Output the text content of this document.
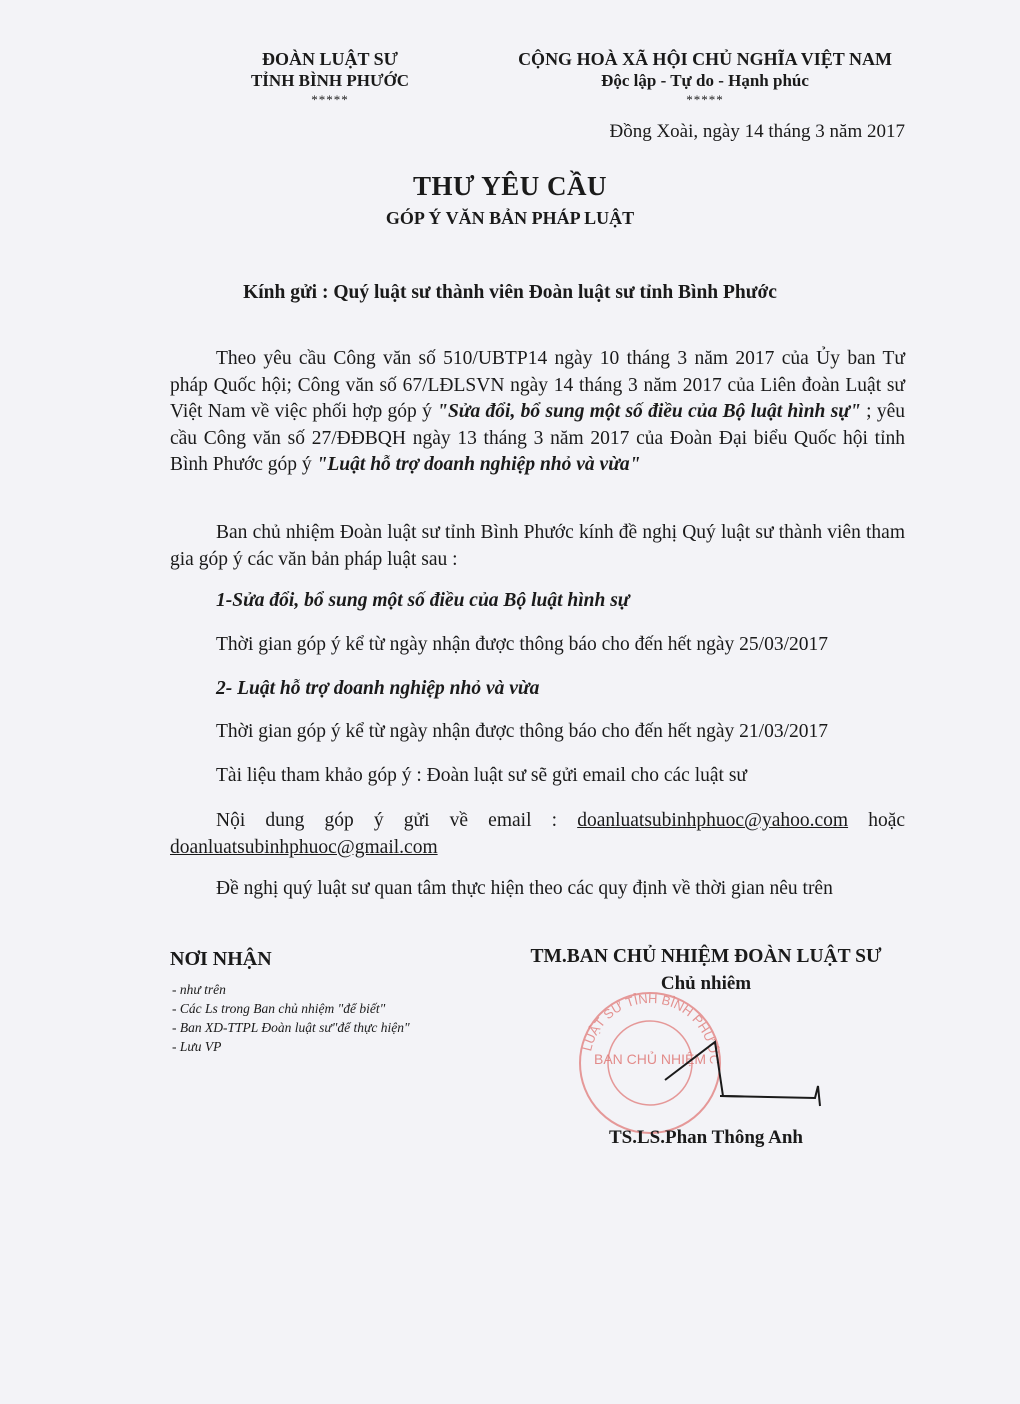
ĐOÀN LUẬT SƯ
TỈNH BÌNH PHƯỚC
*****
CỘNG HOÀ XÃ HỘI CHỦ NGHĨA VIỆT NAM
Độc lập - Tự do - Hạnh phúc
*****
Đồng Xoài, ngày 14 tháng 3 năm 2017
THƯ YÊU CẦU
GÓP Ý VĂN BẢN PHÁP LUẬT
Kính gửi : Quý luật sư thành viên Đoàn luật sư tỉnh Bình Phước
Theo yêu cầu Công văn số 510/UBTP14 ngày 10 tháng 3 năm 2017 của Ủy ban Tư pháp Quốc hội; Công văn số 67/LĐLSVN ngày 14 tháng 3 năm 2017 của Liên đoàn Luật sư Việt Nam về việc phối hợp góp ý "Sửa đổi, bổ sung một số điều của Bộ luật hình sự" ; yêu cầu Công văn số 27/ĐĐBQH ngày 13 tháng 3 năm 2017 của Đoàn Đại biểu Quốc hội tỉnh Bình Phước góp ý "Luật hỗ trợ doanh nghiệp nhỏ và vừa"
Ban chủ nhiệm Đoàn luật sư tỉnh Bình Phước kính đề nghị Quý luật sư thành viên tham gia góp ý các văn bản pháp luật sau :
1-Sửa đổi, bổ sung một số điều của Bộ luật hình sự
Thời gian góp ý kể từ ngày nhận được thông báo cho đến hết ngày 25/03/2017
2- Luật hỗ trợ doanh nghiệp nhỏ và vừa
Thời gian góp ý kể từ ngày nhận được thông báo cho đến hết ngày 21/03/2017
Tài liệu tham khảo góp ý : Đoàn luật sư sẽ gửi email cho các luật sư
Nội dung góp ý gửi về email : doanluatsubinhphuoc@yahoo.com hoặc doanluatsubinhphuoc@gmail.com
Đề nghị quý luật sư quan tâm thực hiện theo các quy định về thời gian nêu trên
NƠI NHẬN
- như trên
- Các Ls trong Ban chủ nhiệm "để biết"
- Ban XD-TTPL Đoàn luật sư"để thực hiện"
- Lưu VP
TM.BAN CHỦ NHIỆM ĐOÀN LUẬT SƯ
Chủ nhiêm
LUẬT SƯ TỈNH BÌNH PHƯỚC
BAN CHỦ NHIỆM
TS.LS.Phan Thông Anh
